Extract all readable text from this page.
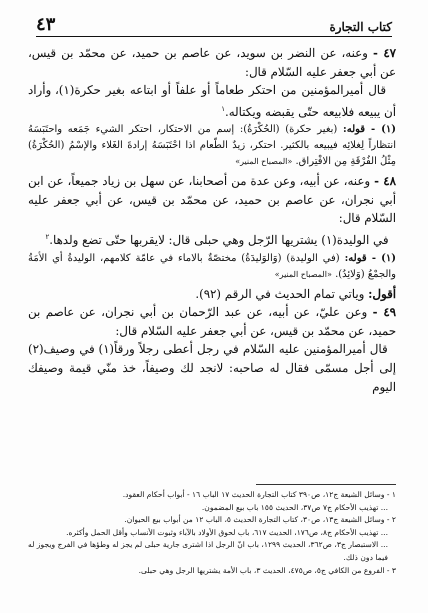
كتاب التجارة
٤٣

٤٧ - وعنه، عن النضر بن سويد، عن عاصم بن حميد، عن محمّد بن قيس، عن أبي جعفر عليه السّلام قال:

قال أميرالمؤمنين من احتكر طعاماً أو علفاً أو ابتاعه بغير حكرة(١)، وأراد أن يبيعه فلابيعه حتّى يقبضه ويكتاله.$^١$

(١) - قوله: (بغير حكرة) (الحُكْرَةُ): إسم من الاحتكار، احتكر الشيء جَمَعه واحتَبَسَهُ انتظاراً لِغلائِه فيبيعه بالكثير. احتكر، زيدٌ الطّعام اذا احْتَبَسَهُ إرادةَ الغَلاء والإسْمُ (الحُكْرَةُ) مِثْلُ الفُرْقَةِ مِن الافْتِراق. «المصباح المنير»

٤٨ - وعنه، عن أبيه، وعن عدة من أصحابنا، عن سهل بن زياد جميعاً، عن ابن أبي نجران، عن عاصم بن حميد، عن محمّد بن قيس، عن أبي جعفر عليه السّلام قال:

في الوليدة(١) يشتريها الرّجل وهي حبلى قال: لايقربها حتّى تضع ولدها.$^٢$

(١) - قوله: (في الوليدة) (وَالوَليدَةُ) مختصّةٌ بالاماء في عامّة كلامهم، الوليدةُ أي الأمَةُ والجمْعُ (وَلائِدُ). «المصباح المنير»

أقول: وياتي تمام الحديث في الرقم (٩٢).

٤٩ - وعن عليّ، عن أبيه، عن عبد الرّحمان بن أبي نجران، عن عاصم بن حميد، عن محمّد بن قيس، عن أبي جعفر عليه السّلام قال:

قال أميرالمؤمنين عليه السّلام في رجل أعطى رجلاً ورقاً(١) في وصيف(٢) إلى أجل مسمّى فقال له صاحبه: لانجد لك وصيفاً، خذ منّي قيمة وصيفك اليوم

١ - وسائل الشيعة ج١٢، ص٣٩٠ كتاب التجارة الحديث ١٧ الباب ١٦ - أبواب أحكام العقود.

... تهذيب الأحكام ج٧ ص٣٧، الحديث ١٥٥ باب بيع المضمون.

٢ - وسائل الشيعة ج١٣، ص٣٠، كتاب التجارة الحديث ٥، الباب ١٢ من أبواب بيع الحيوان.

... تهذيب الأحكام ج٨، ص١٧٦، الحديث ٦١٧، باب لحوق الأولاد بالآباء وثبوت الأنساب وأقل الحمل وأكثره.

... الاستبصار ج٣، ص٣٦٢، الحديث ١٢٩٩، باب انّ الرجل اذا اشترى جارية حبلى لم يجز له وطؤها في الفرج ويجوز له فيما دون ذلك.

٣ - الفروع من الكافي ج٥، ص٤٧٥، الحديث ٣، باب الأمة يشتريها الرجل وهي حبلى.
